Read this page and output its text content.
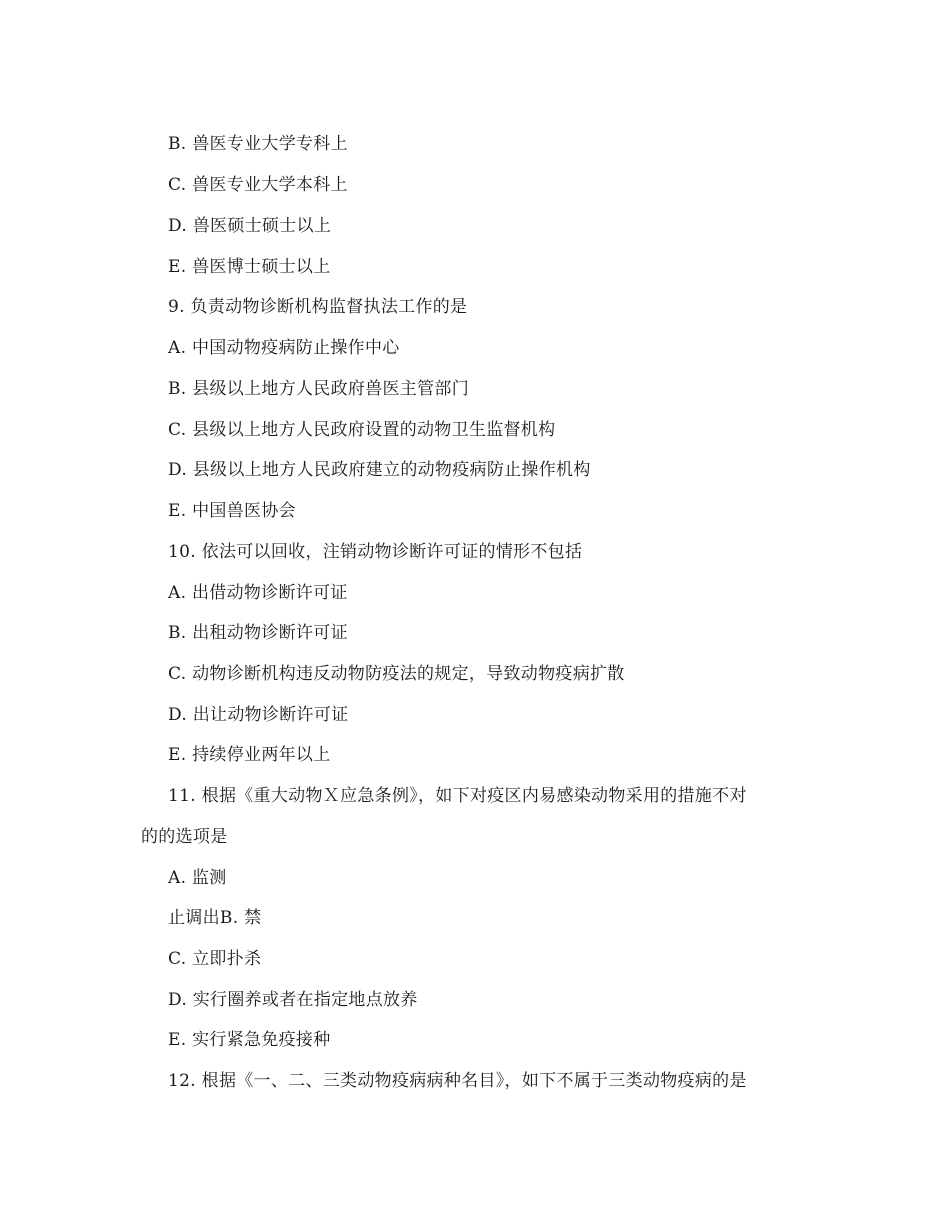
B. 兽医专业大学专科上
C. 兽医专业大学本科上
D. 兽医硕士硕士以上
E. 兽医博士硕士以上
9. 负责动物诊断机构监督执法工作的是
A. 中国动物疫病防止操作中心
B. 县级以上地方人民政府兽医主管部门
C. 县级以上地方人民政府设置的动物卫生监督机构
D. 县级以上地方人民政府建立的动物疫病防止操作机构
E. 中国兽医协会
10. 依法可以回收，注销动物诊断许可证的情形不包括
A. 出借动物诊断许可证
B. 出租动物诊断许可证
C. 动物诊断机构违反动物防疫法的规定，导致动物疫病扩散
D. 出让动物诊断许可证
E. 持续停业两年以上
11. 根据《重大动物Ｘ应急条例》，如下对疫区内易感染动物采用的措施不对
的的选项是
A. 监测
止调出B. 禁
C. 立即扑杀
D. 实行圈养或者在指定地点放养
E. 实行紧急免疫接种
12. 根据《一、二、三类动物疫病病种名目》，如下不属于三类动物疫病的是
